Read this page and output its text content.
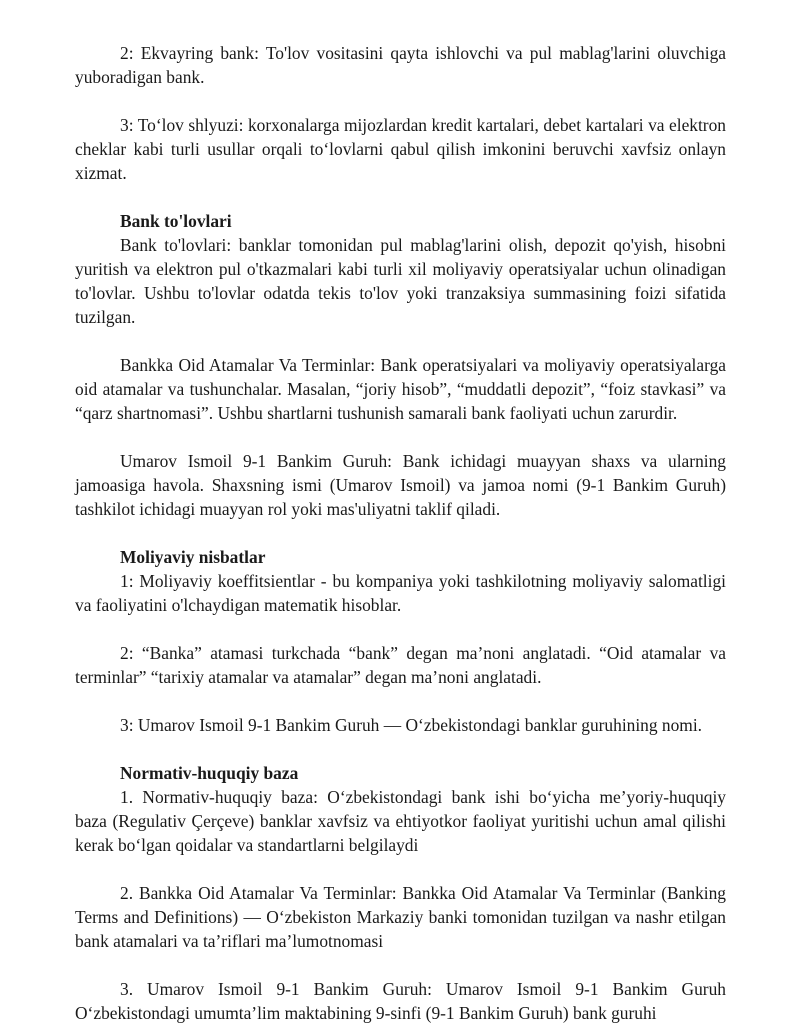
2: Ekvayring bank: To'lov vositasini qayta ishlovchi va pul mablag'larini oluvchiga yuboradigan bank.

3: To‘lov shlyuzi: korxonalarga mijozlardan kredit kartalari, debet kartalari va elektron cheklar kabi turli usullar orqali to‘lovlarni qabul qilish imkonini beruvchi xavfsiz onlayn xizmat.

Bank to'lovlari

Bank to'lovlari: banklar tomonidan pul mablag'larini olish, depozit qo'yish, hisobni yuritish va elektron pul o'tkazmalari kabi turli xil moliyaviy operatsiyalar uchun olinadigan to'lovlar. Ushbu to'lovlar odatda tekis to'lov yoki tranzaksiya summasining foizi sifatida tuzilgan.

Bankka Oid Atamalar Va Terminlar: Bank operatsiyalari va moliyaviy operatsiyalarga oid atamalar va tushunchalar. Masalan, “joriy hisob”, “muddatli depozit”, “foiz stavkasi” va “qarz shartnomasi”. Ushbu shartlarni tushunish samarali bank faoliyati uchun zarurdir.

Umarov Ismoil 9-1 Bankim Guruh: Bank ichidagi muayyan shaxs va ularning jamoasiga havola. Shaxsning ismi (Umarov Ismoil) va jamoa nomi (9-1 Bankim Guruh) tashkilot ichidagi muayyan rol yoki mas'uliyatni taklif qiladi.

Moliyaviy nisbatlar

1: Moliyaviy koeffitsientlar - bu kompaniya yoki tashkilotning moliyaviy salomatligi va faoliyatini o'lchaydigan matematik hisoblar.

2: “Banka” atamasi turkchada “bank” degan ma’noni anglatadi. “Oid atamalar va terminlar” “tarixiy atamalar va atamalar” degan ma’noni anglatadi.

3: Umarov Ismoil 9-1 Bankim Guruh — O‘zbekistondagi banklar guruhining nomi.

Normativ-huquqiy baza

1. Normativ-huquqiy baza: O‘zbekistondagi bank ishi bo‘yicha me’yoriy-huquqiy baza (Regulativ Çerçeve) banklar xavfsiz va ehtiyotkor faoliyat yuritishi uchun amal qilishi kerak bo‘lgan qoidalar va standartlarni belgilaydi

2. Bankka Oid Atamalar Va Terminlar: Bankka Oid Atamalar Va Terminlar (Banking Terms and Definitions) — O‘zbekiston Markaziy banki tomonidan tuzilgan va nashr etilgan bank atamalari va ta’riflari ma’lumotnomasi

3. Umarov Ismoil 9-1 Bankim Guruh: Umarov Ismoil 9-1 Bankim Guruh O‘zbekistondagi umumta’lim maktabining 9-sinfi (9-1 Bankim Guruh) bank guruhi
